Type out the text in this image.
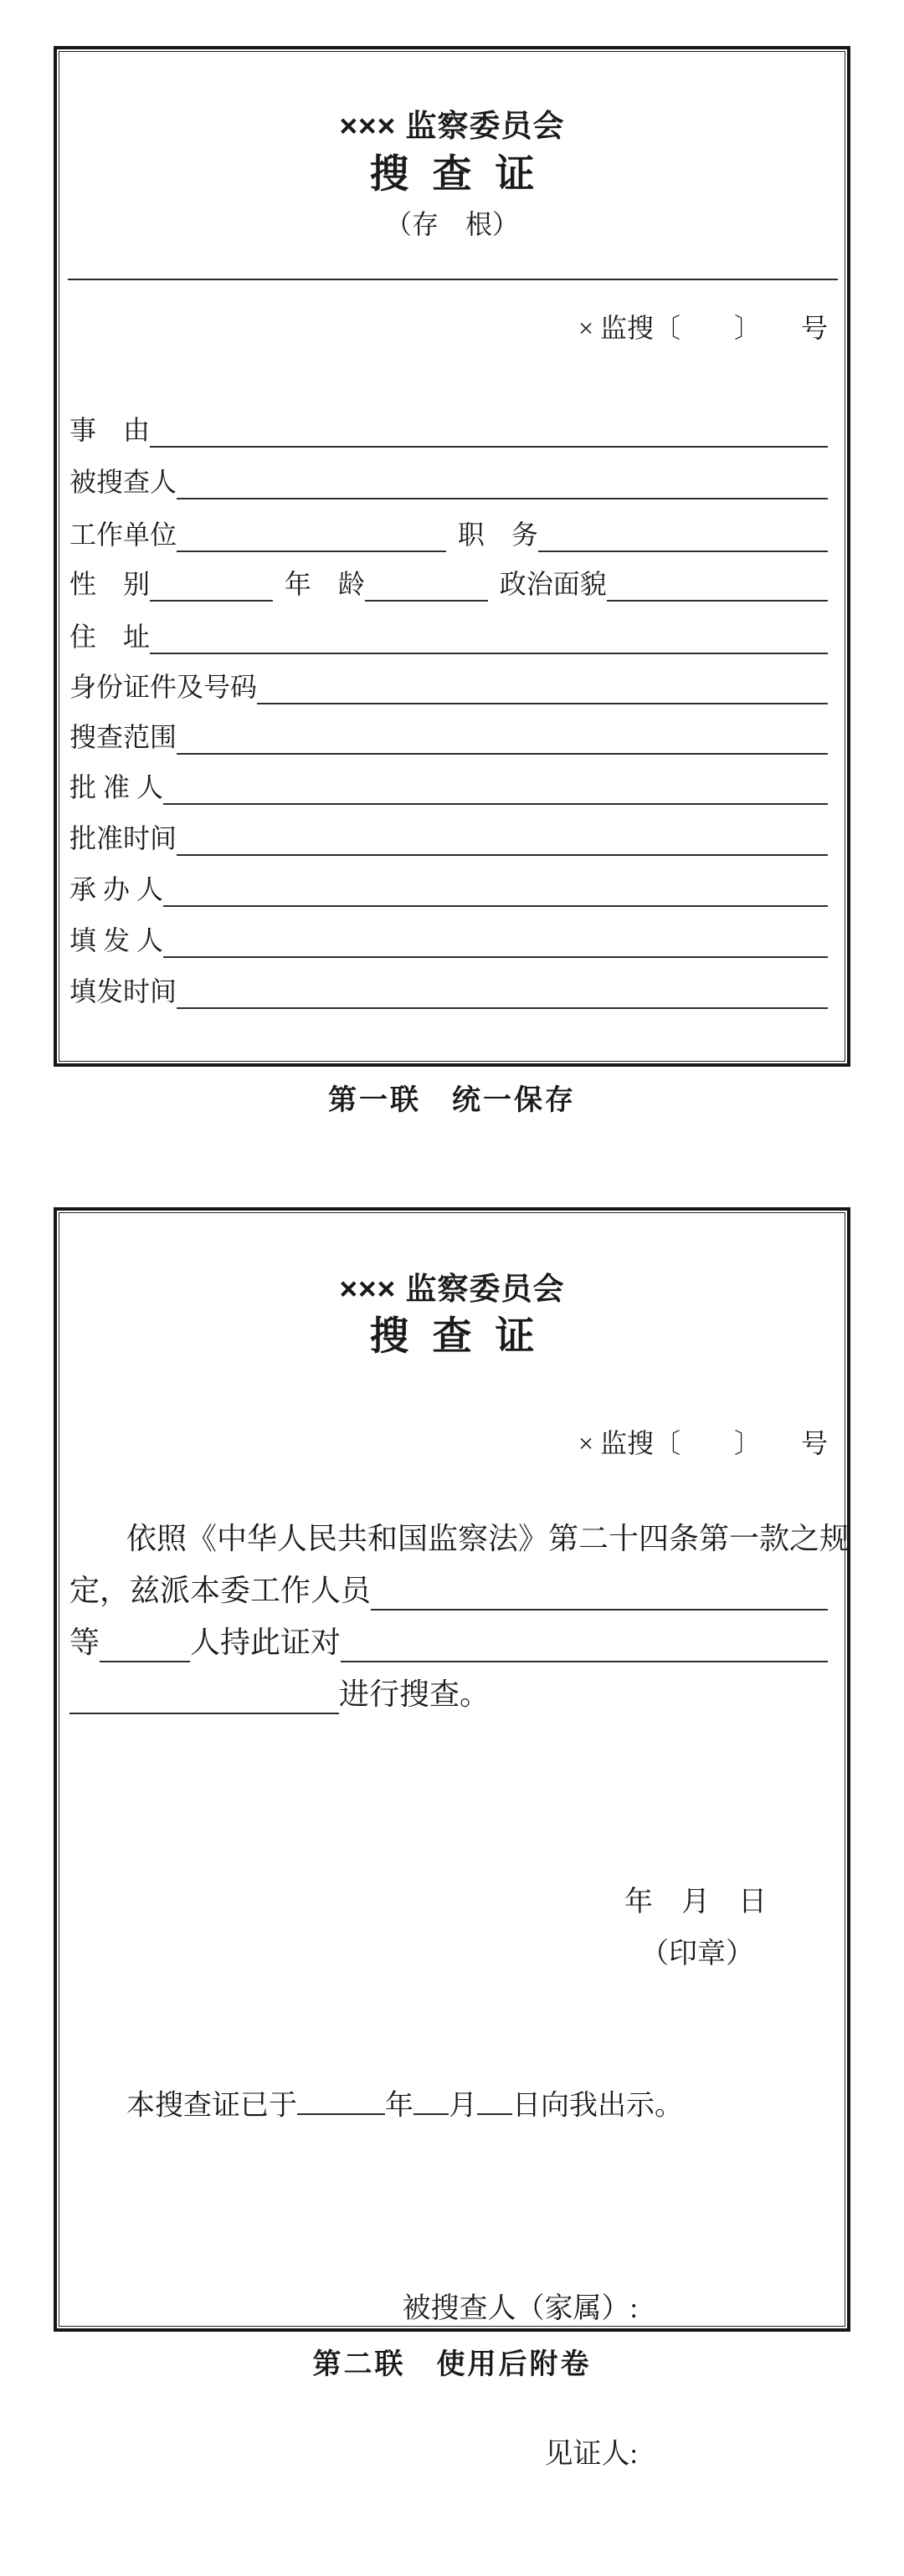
××× 监察委员会
搜查证
（存　根）
× 监搜〔　　〕　　号
事　由
被搜查人
工作单位	职　务
性　别	年　龄	政治面貌
住　址
身份证件及号码
搜查范围
批 准 人
批准时间
承 办 人
填 发 人
填发时间
第一联　统一保存
××× 监察委员会
搜查证
× 监搜〔　　〕　　号
依照《中华人民共和国监察法》第二十四条第一款之规
定，兹派本委工作人员
等	人持此证对
进行搜查。
年　月　日
（印章）
本搜查证已于	年 月 日向我出示。

被搜查人（家属）:

见证人:

第二联　使用后附卷
